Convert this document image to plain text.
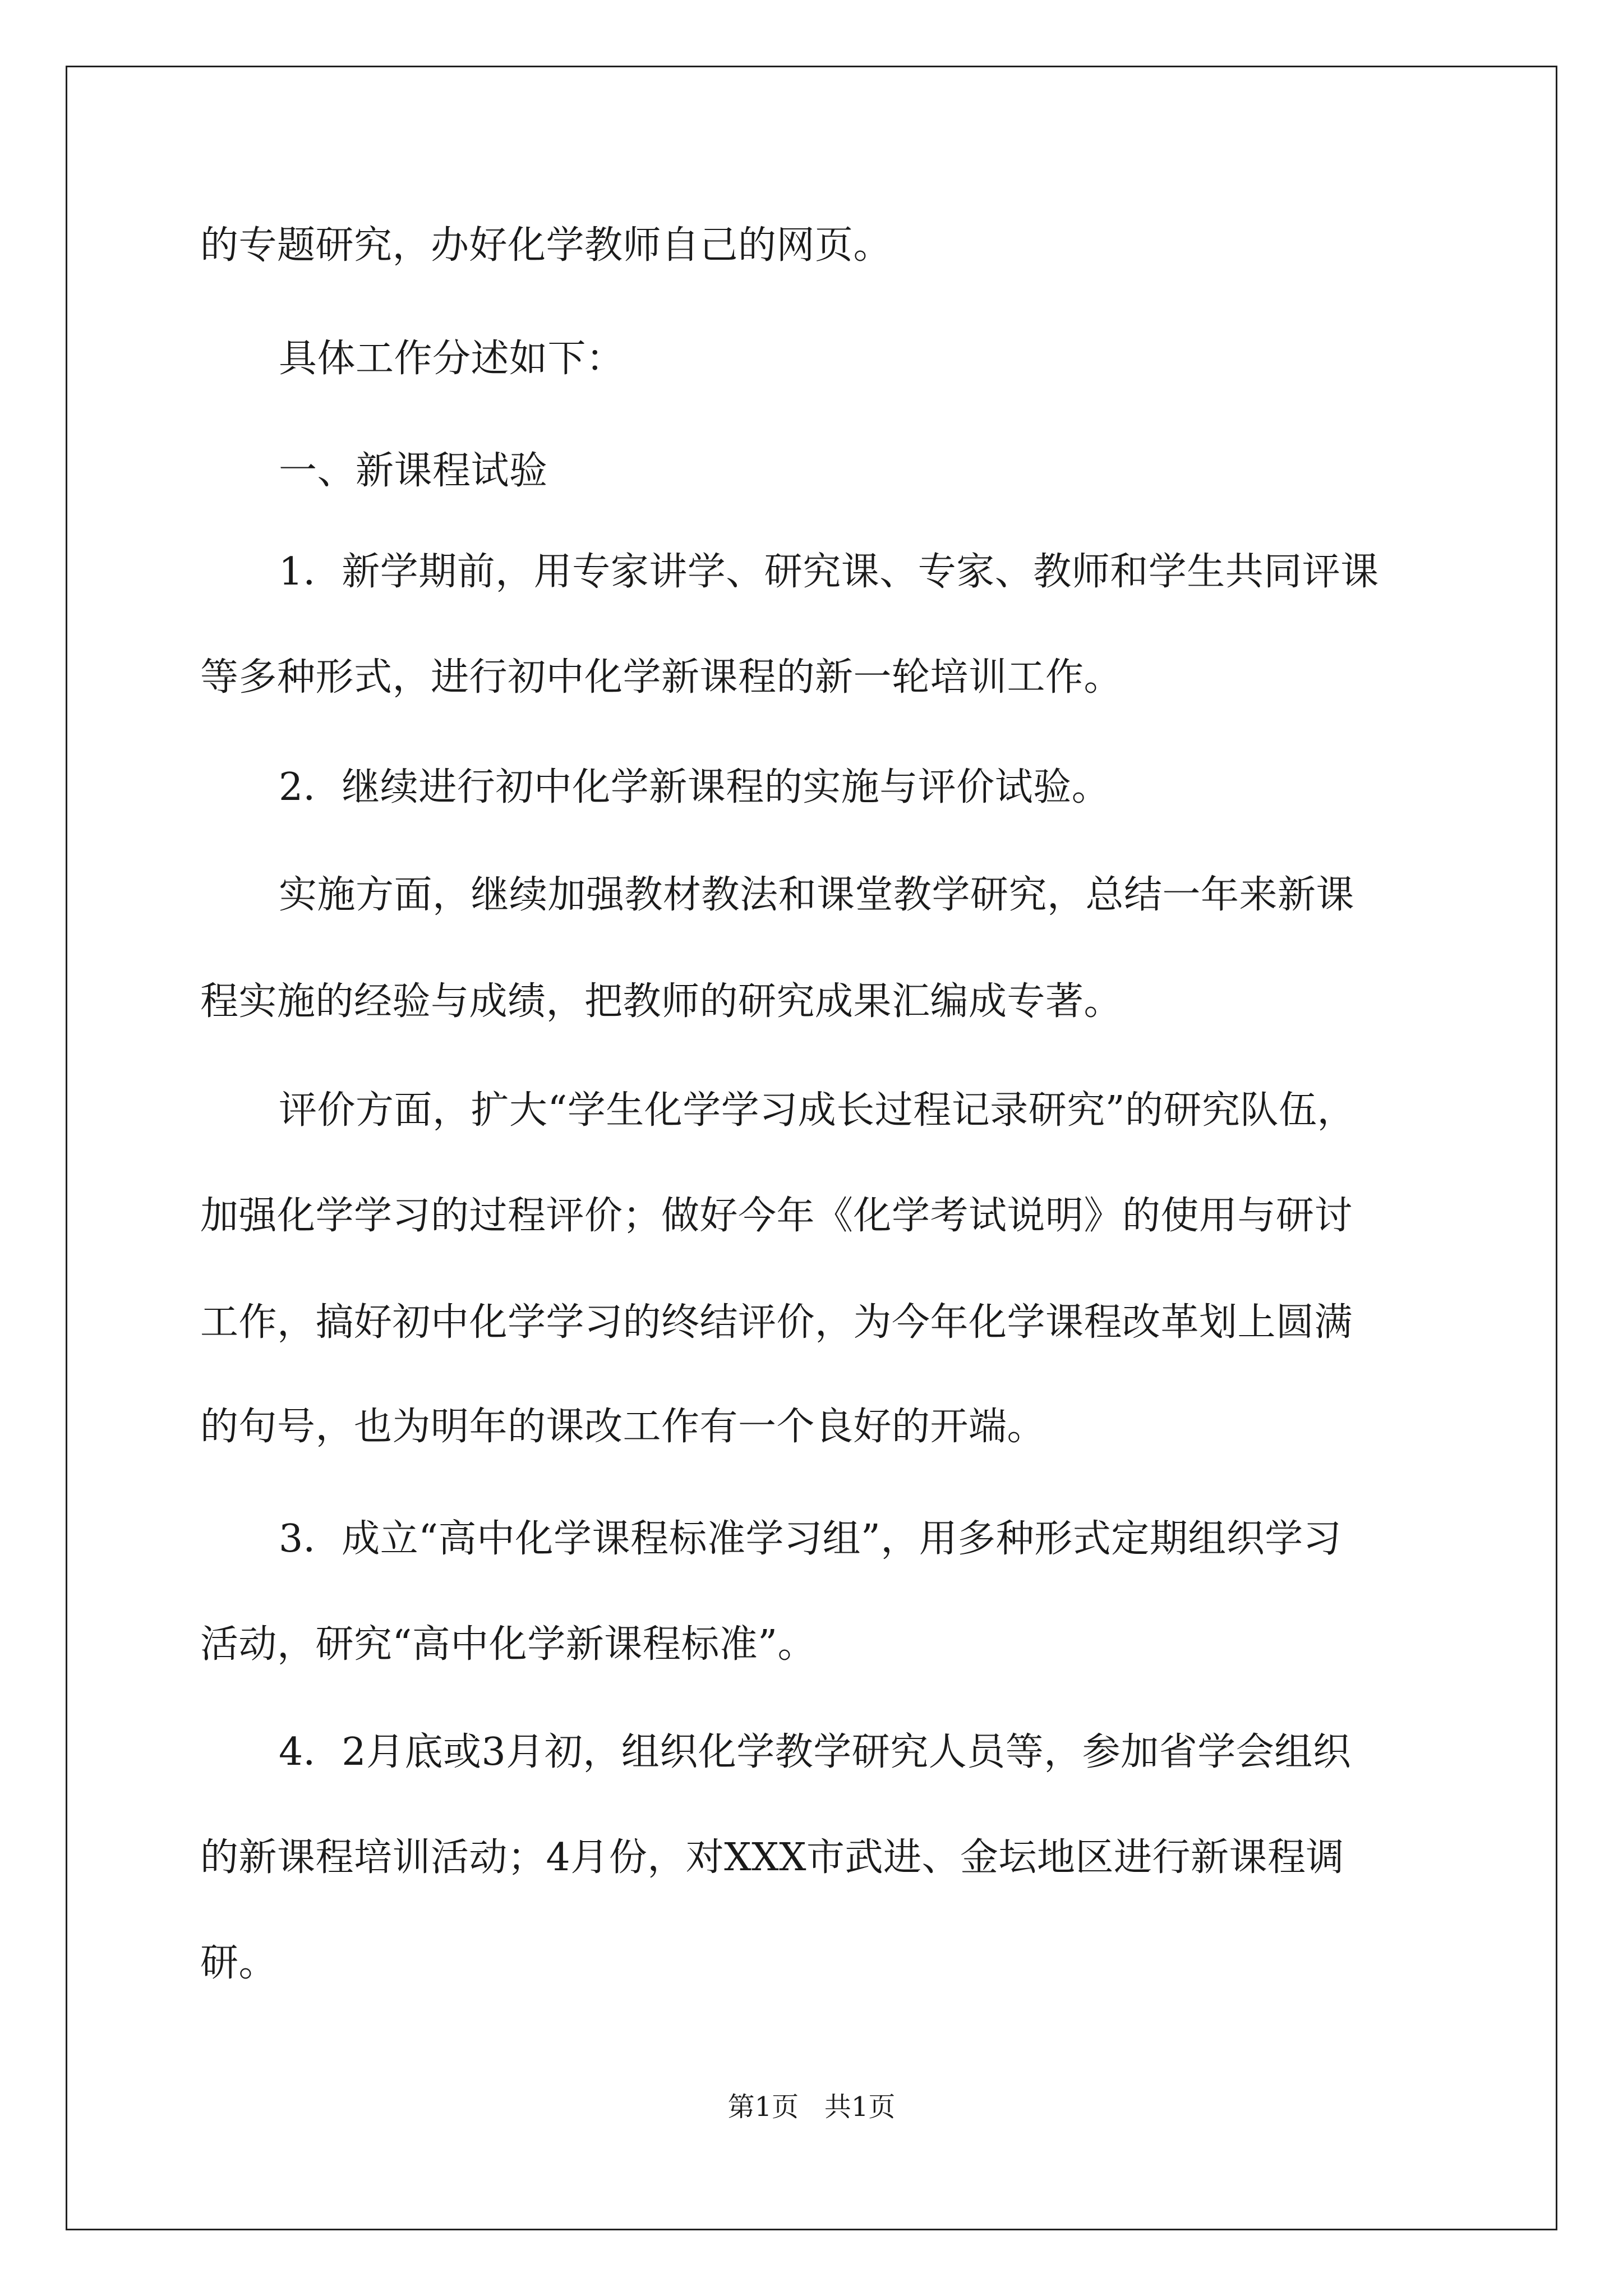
的专题研究，办好化学教师自己的网页。
具体工作分述如下：
一、新课程试验
1．新学期前，用专家讲学、研究课、专家、教师和学生共同评课
等多种形式，进行初中化学新课程的新一轮培训工作。
2．继续进行初中化学新课程的实施与评价试验。
实施方面，继续加强教材教法和课堂教学研究，总结一年来新课
程实施的经验与成绩，把教师的研究成果汇编成专著。
评价方面，扩大“学生化学学习成长过程记录研究”的研究队伍，
加强化学学习的过程评价；做好今年《化学考试说明》的使用与研讨
工作，搞好初中化学学习的终结评价，为今年化学课程改革划上圆满
的句号，也为明年的课改工作有一个良好的开端。
3．成立“高中化学课程标准学习组”，用多种形式定期组织学习
活动，研究“高中化学新课程标准”。
4．2月底或3月初，组织化学教学研究人员等，参加省学会组织
的新课程培训活动；4月份，对XXX市武进、金坛地区进行新课程调
研。
第1页   共1页
